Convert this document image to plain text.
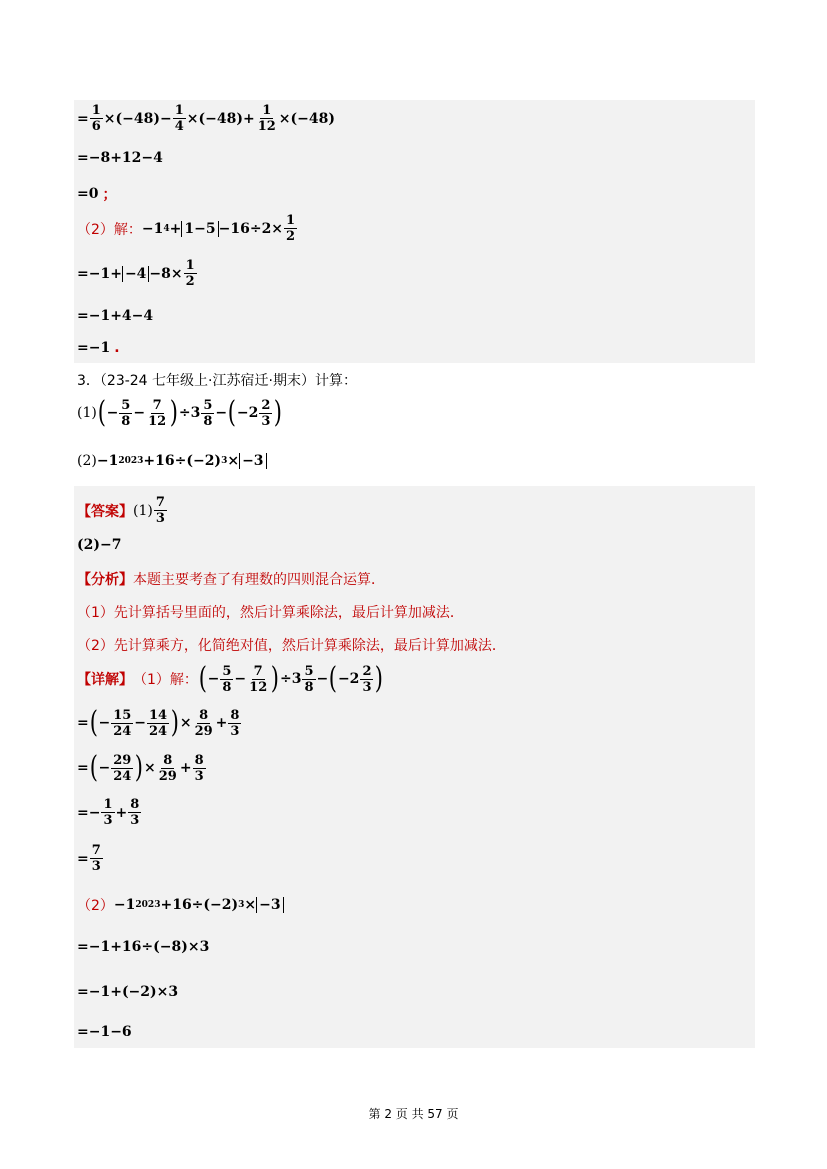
= $\frac{1}{6} \times(-48) - \frac{1}{4} \times(-48) + \frac{1}{12} \times(-48)$
=−8+12−4
=0 ；
（2）解： −1 $4 + 1-5 -16\div 2\times \frac{1}{2}$
$=-1+ -4 -8\times \frac{1}{2}$
=−1+4−4
=−1 .
3．（23-24 七年级上·江苏宿迁·期末）计算：
(1) ( − $\frac{5}{8} - \frac{7}{12}$ ) $\div 3 \frac{5}{8}$ − ( $-2 \frac{2}{3}$ )
(2) −1 2023 +16÷(−2) 3 × −3
【答案】 $(1) \frac{7}{3}$
(2)−7
【分析】 本题主要考查了有理数的四则混合运算．
（1）先计算括号里面的，然后计算乘除法，最后计算加减法．
（2）先计算乘方，化简绝对值，然后计算乘除法，最后计算加减法．
【详解】 （1）解： ( − $\frac{5}{8} - \frac{7}{12}$ ) $\div 3 \frac{5}{8}$ − ( $-2 \frac{2}{3}$ )
= ( − $\frac{15}{24} - \frac{14}{24}$ ) × $\frac{8}{29} + \frac{8}{3}$
= ( − $\frac{29}{24}$ ) × $\frac{8}{29} + \frac{8}{3}$
=− $\frac{1}{3} + \frac{8}{3}$
= $\frac{7}{3}$
（2） −1 2023 +16÷(−2) 3 × −3
=−1+16÷ (−8) ×3
=−1+ (−2) ×3
=−1−6
第 2 页 共 57 页
